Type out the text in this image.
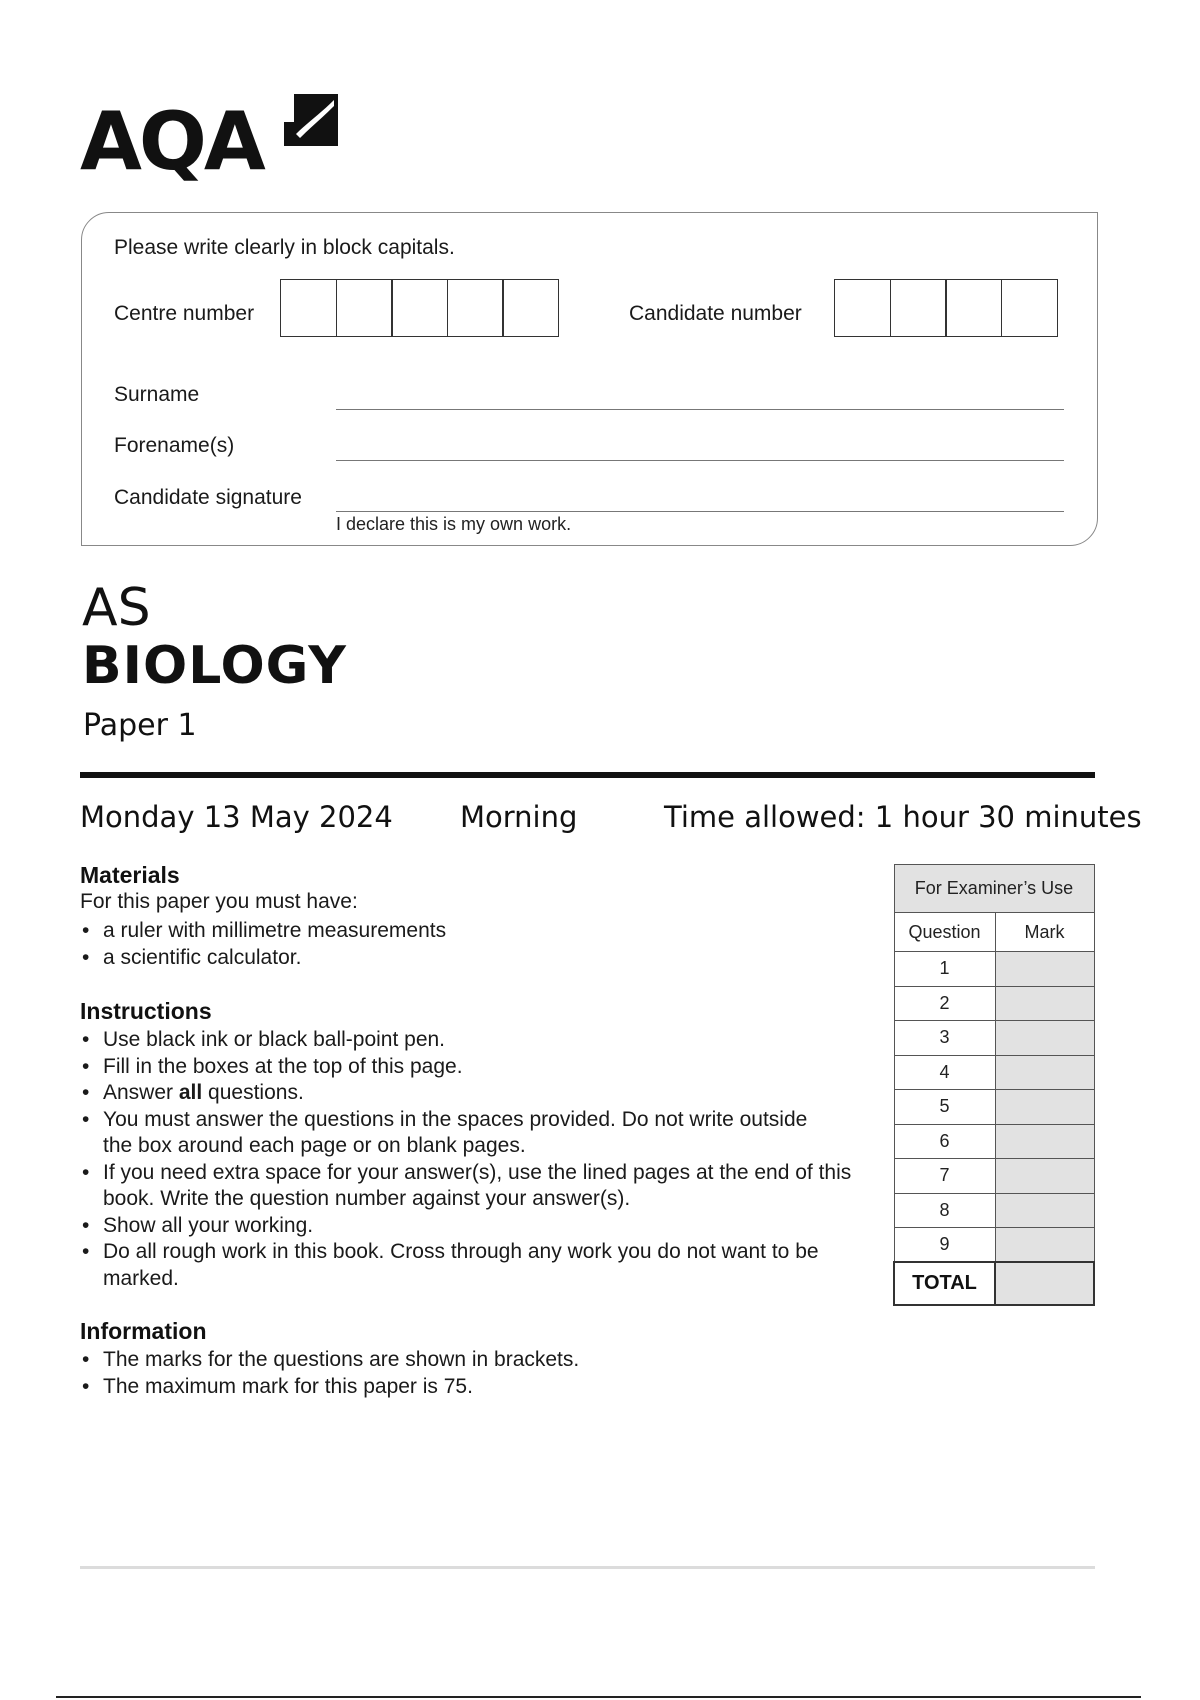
AQA
Please write clearly in block capitals.
Centre number	Candidate number
Surname
Forename(s)
Candidate signature
I declare this is my own work.
AS
BIOLOGY
Paper 1
Monday 13 May 2024 Morning	Time allowed: 1 hour 30 minutes
Materials
For this paper you must have:
• a ruler with millimetre measurements
• a scientific calculator.
Instructions
• Use black ink or black ball-point pen.
• Fill in the boxes at the top of this page.
• Answer all questions.
• You must answer the questions in the spaces provided. Do not write outside the box around each page or on blank pages.
• If you need extra space for your answer(s), use the lined pages at the end of this book. Write the question number against your answer(s).
• Show all your working.
• Do all rough work in this book. Cross through any work you do not want to be marked.
Information
• The marks for the questions are shown in brackets.
• The maximum mark for this paper is 75.
For Examiner’s Use	
Question	Mark
1	
2	
3	
4	
5	
6	
7	
8	
9	
TOTAL	
